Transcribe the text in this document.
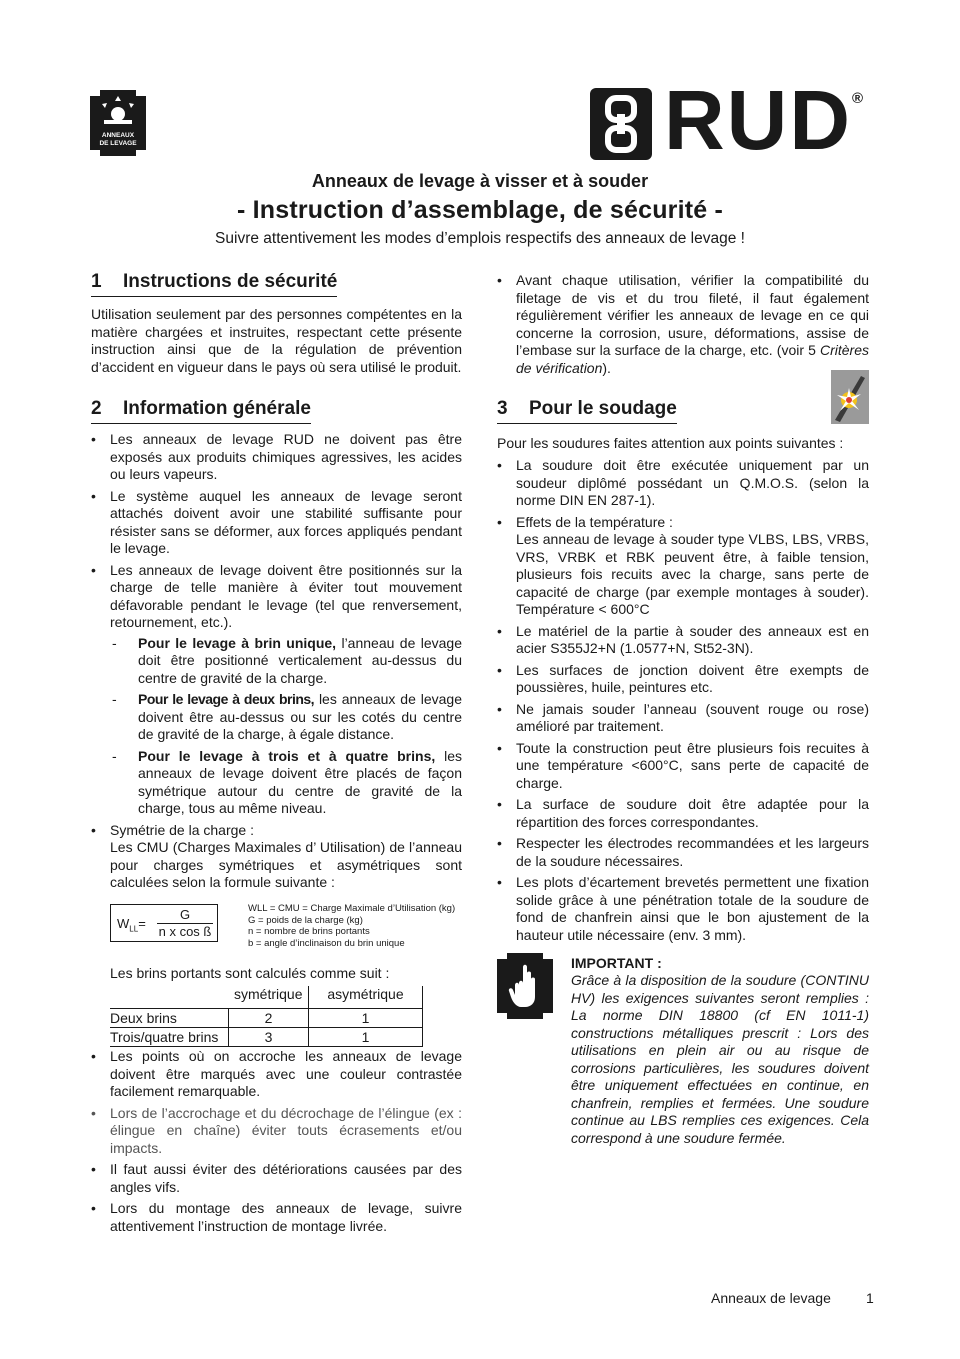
ANNEAUX
DE LEVAGE	RUD ®
Anneaux de levage à visser et à souder
- Instruction d’assemblage, de sécurité -
Suivre attentivement les modes d’emplois respectifs des anneaux de levage !
1 Instructions de sécurité
Utilisation seulement par des personnes compétentes en la matière chargées et instruites, respectant cette présente instruction ainsi que de la régulation de prévention d’accident en vigueur dans le pays où sera utilisé le produit.
2 Information générale
• Les anneaux de levage RUD ne doivent pas être exposés aux produits chimiques agressives, les acides ou leurs vapeurs.
• Le système auquel les anneaux de levage seront attachés doivent avoir une stabilité suffisante pour résister sans se déformer, aux forces appliqués pendant le levage.
• Les anneaux de levage doivent être positionnés sur la charge de telle manière à éviter tout mouvement défavorable pendant le levage (tel que renversement, retournement, etc.).
- Pour le levage à brin unique, l’anneau de levage doit être positionné verticalement au-dessus du centre de gravité de la charge.
- Pour le levage à deux brins, les anneaux de levage doivent être au-dessus ou sur les cotés du centre de gravité de la charge, à égale distance.
- Pour le levage à trois et à quatre brins, les anneaux de levage doivent être placés de façon symétrique autour du centre de gravité de la charge, tous au même niveau.
• Symétrie de la charge :
Les CMU (Charges Maximales d’ Utilisation) de l’anneau pour charges symétriques et asymétriques sont calculées selon la formule suivante :
$W_{LL}=$
G
n x cos ß
WLL = CMU = Charge Maximale d’Utilisation (kg)
G = poids de la charge (kg)
n = nombre de brins portants
b = angle d’inclinaison du brin unique
Les brins portants sont calculés comme suit :
	symétrique	asymétrique
Deux brins	2	1
Trois/quatre brins	3	1
• Les points où on accroche les anneaux de levage doivent être marqués avec une couleur contrastée facilement remarquable.
• Lors de l’accrochage et du décrochage de l’élingue (ex : élingue en chaîne) éviter touts écrasements et/ou impacts.
• Il faut aussi éviter des détériorations causées par des angles vifs.
• Lors du montage des anneaux de levage, suivre attentivement l’instruction de montage livrée.
• Avant chaque utilisation, vérifier la compatibilité du filetage de vis et du trou fileté, il faut également régulièrement vérifier les anneaux de levage en ce qui concerne la corrosion, usure, déformations, assise de l’embase sur la surface de la charge, etc. (voir 5 Critères de vérification).
3 Pour le soudage
Pour les soudures faites attention aux points suivantes :
• La soudure doit être exécutée uniquement par un soudeur diplômé possédant un Q.M.O.S. (selon la norme DIN EN 287-1).
• Effets de la température :
Les anneau de levage à souder type VLBS, LBS, VRBS, VRS, VRBK et RBK peuvent être, à faible tension, plusieurs fois recuits avec la charge, sans perte de capacité de charge (par exemple montages à souder). Température < 600°C
• Le matériel de la partie à souder des anneaux est en acier S355J2+N (1.0577+N, St52-3N).
• Les surfaces de jonction doivent être exempts de poussières, huile, peintures etc.
• Ne jamais souder l’anneau (souvent rouge ou rose) amélioré par traitement.
• Toute la construction peut être plusieurs fois recuites à une température <600°C, sans perte de capacité de charge.
• La surface de soudure doit être adaptée pour la répartition des forces correspondantes.
• Respecter les électrodes recommandées et les largeurs de la soudure nécessaires.
• Les plots d’écartement brevetés permettent une fixation solide grâce à une pénétration totale de la soudure de fond de chanfrein ainsi que le bon ajustement de la hauteur utile nécessaire (env. 3 mm).
IMPORTANT :
Grâce à la disposition de la soudure (CONTINU HV) les exigences suivantes seront remplies : La norme DIN 18800 (cf EN 1011-1) constructions métalliques prescrit : Lors des utilisations en plein air ou au risque de corrosions particulières, les soudures doivent être uniquement effectuées en continue, en chanfrein, remplies et fermées. Une soudure continue au LBS remplies ces exigences. Cela correspond à une soudure fermée.
Anneaux de levage	1
